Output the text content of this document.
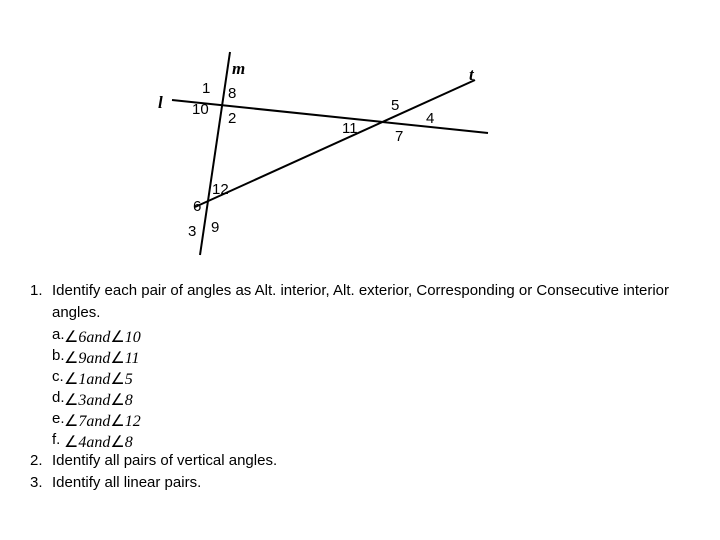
m
l
t
1 8
10
2
5
4
11 7
12
6
3 9
1. Identify each pair of angles as Alt. interior, Alt. exterior, Corresponding or Consecutive interior angles.
a. ∠6and∠10
b. ∠9and∠11
c. ∠1and∠5
d. ∠3and∠8
e. ∠7and∠12
f. ∠4and∠8
2. Identify all pairs of vertical angles.
3. Identify all linear pairs.
